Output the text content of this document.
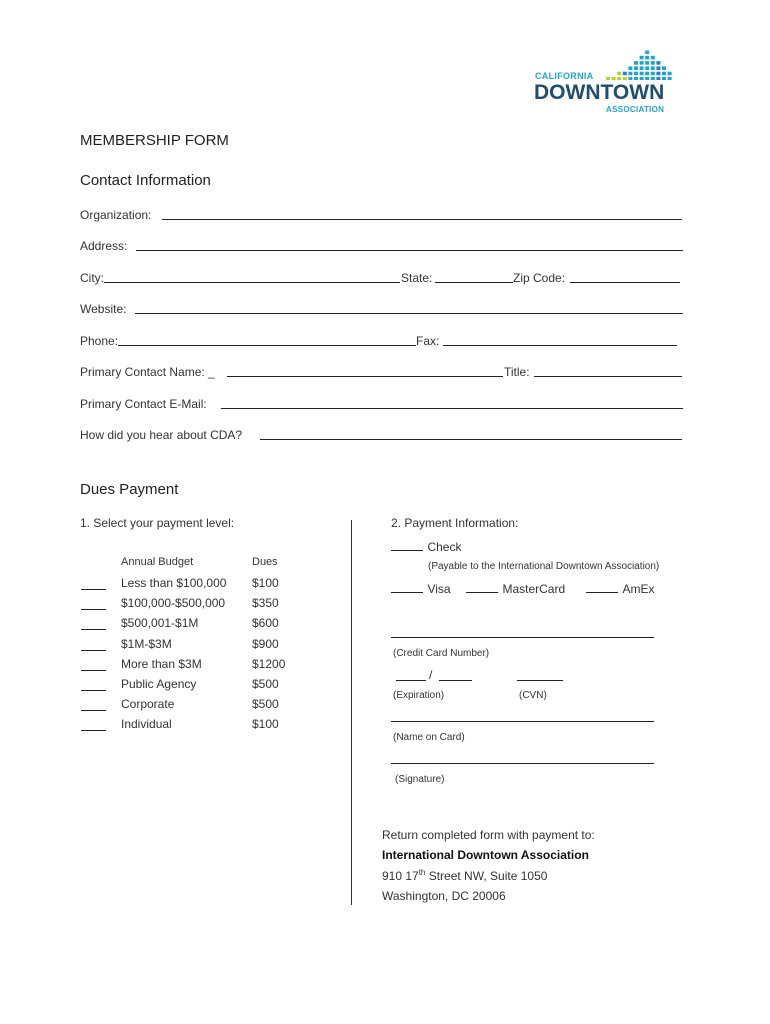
CALIFORNIA
DOWNTOWN
ASSOCIATION
MEMBERSHIP FORM
Contact Information
Organization:
Address:
City:	State:	Zip Code:
Website:
Phone:	Fax:
Primary Contact Name: _	Title:
Primary Contact E-Mail:
How did you hear about CDA?
Dues Payment
1. Select your payment level:
Annual Budget	Dues
Less than $100,000 $100
$100,000-$500,000 $350
$500,001-$1M	$600
$1M-$3M	$900
More than $3M	$1200
Public Agency	$500
Corporate	$500
Individual	$100
2. Payment Information:
Check
(Payable to the International Downtown Association)
Visa	MasterCard	AmEx
(Credit Card Number)
/
(Expiration)	(CVN)
(Name on Card)
(Signature)
Return completed form with payment to:
International Downtown Association
910 17th Street NW, Suite 1050
Washington, DC 20006
